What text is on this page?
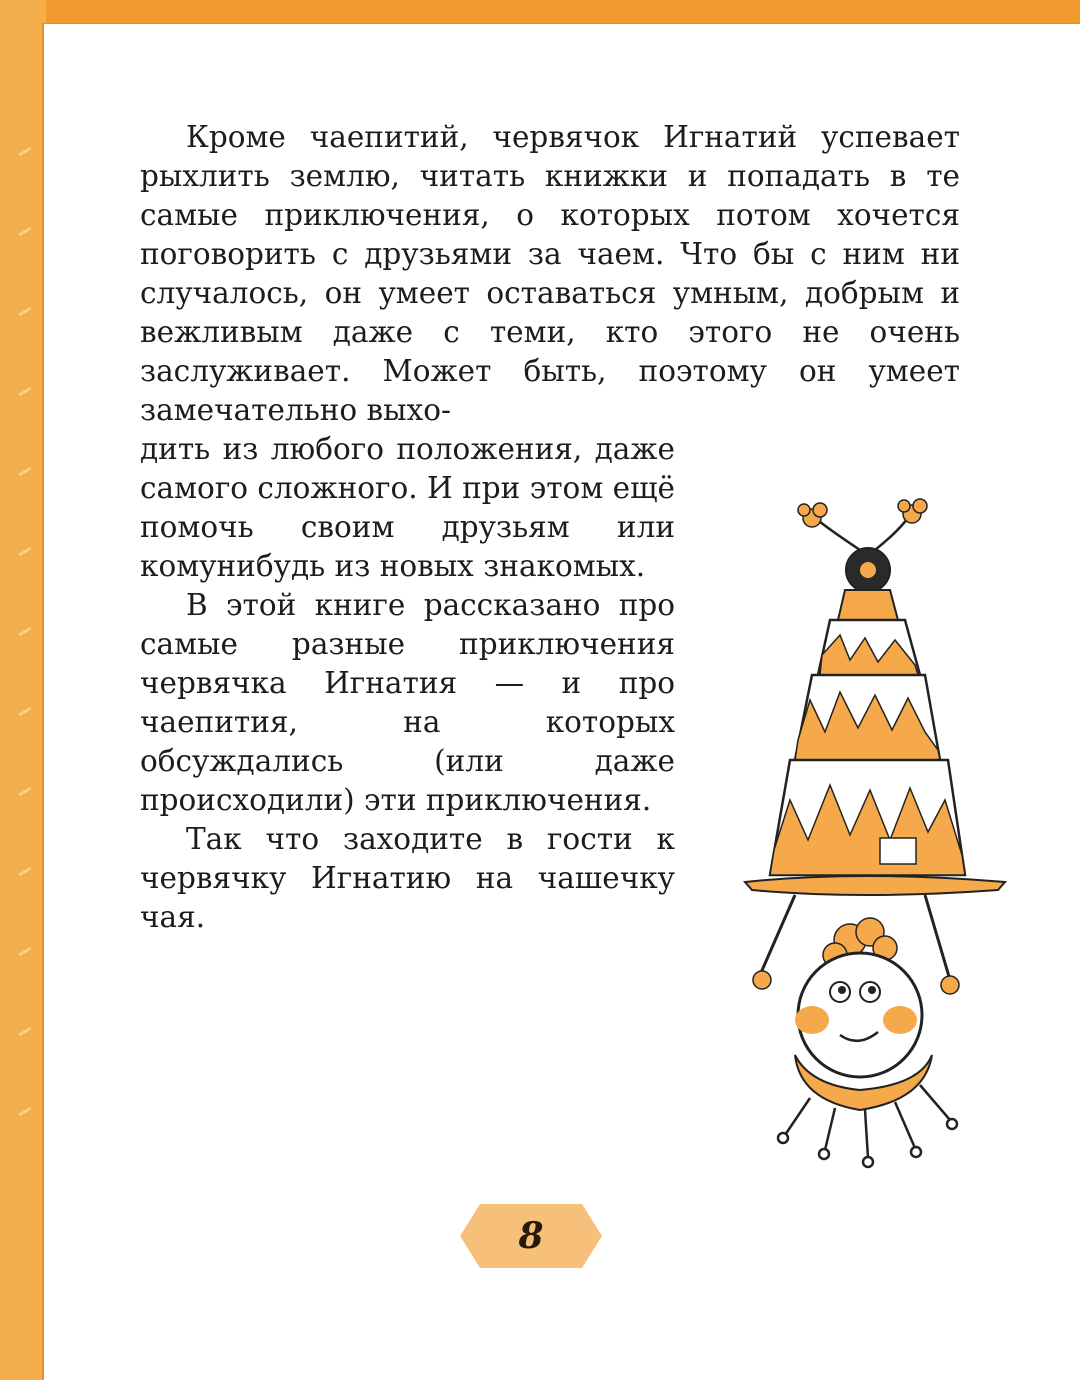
Кроме чаепитий, червячок Игнатий успевает рыхлить землю, читать книжки и попадать в те самые приключения, о которых потом хочется поговорить с друзьями за чаем. Что бы с ним ни случалось, он умеет оставаться умным, добрым и вежливым даже с теми, кто этого не очень заслуживает. Может быть, поэтому он умеет замечательно выхо-

дить из любого положения, даже самого сложного. И при этом ещё помочь своим друзьям или комунибудь из новых знакомых.

В этой книге рассказано про самые разные приключения червячка Игнатия — и про чаепития, на которых обсуждались (или даже происходили) эти приключения.

Так что заходите в гости к червячку Игнатию на чашечку чая.

8
